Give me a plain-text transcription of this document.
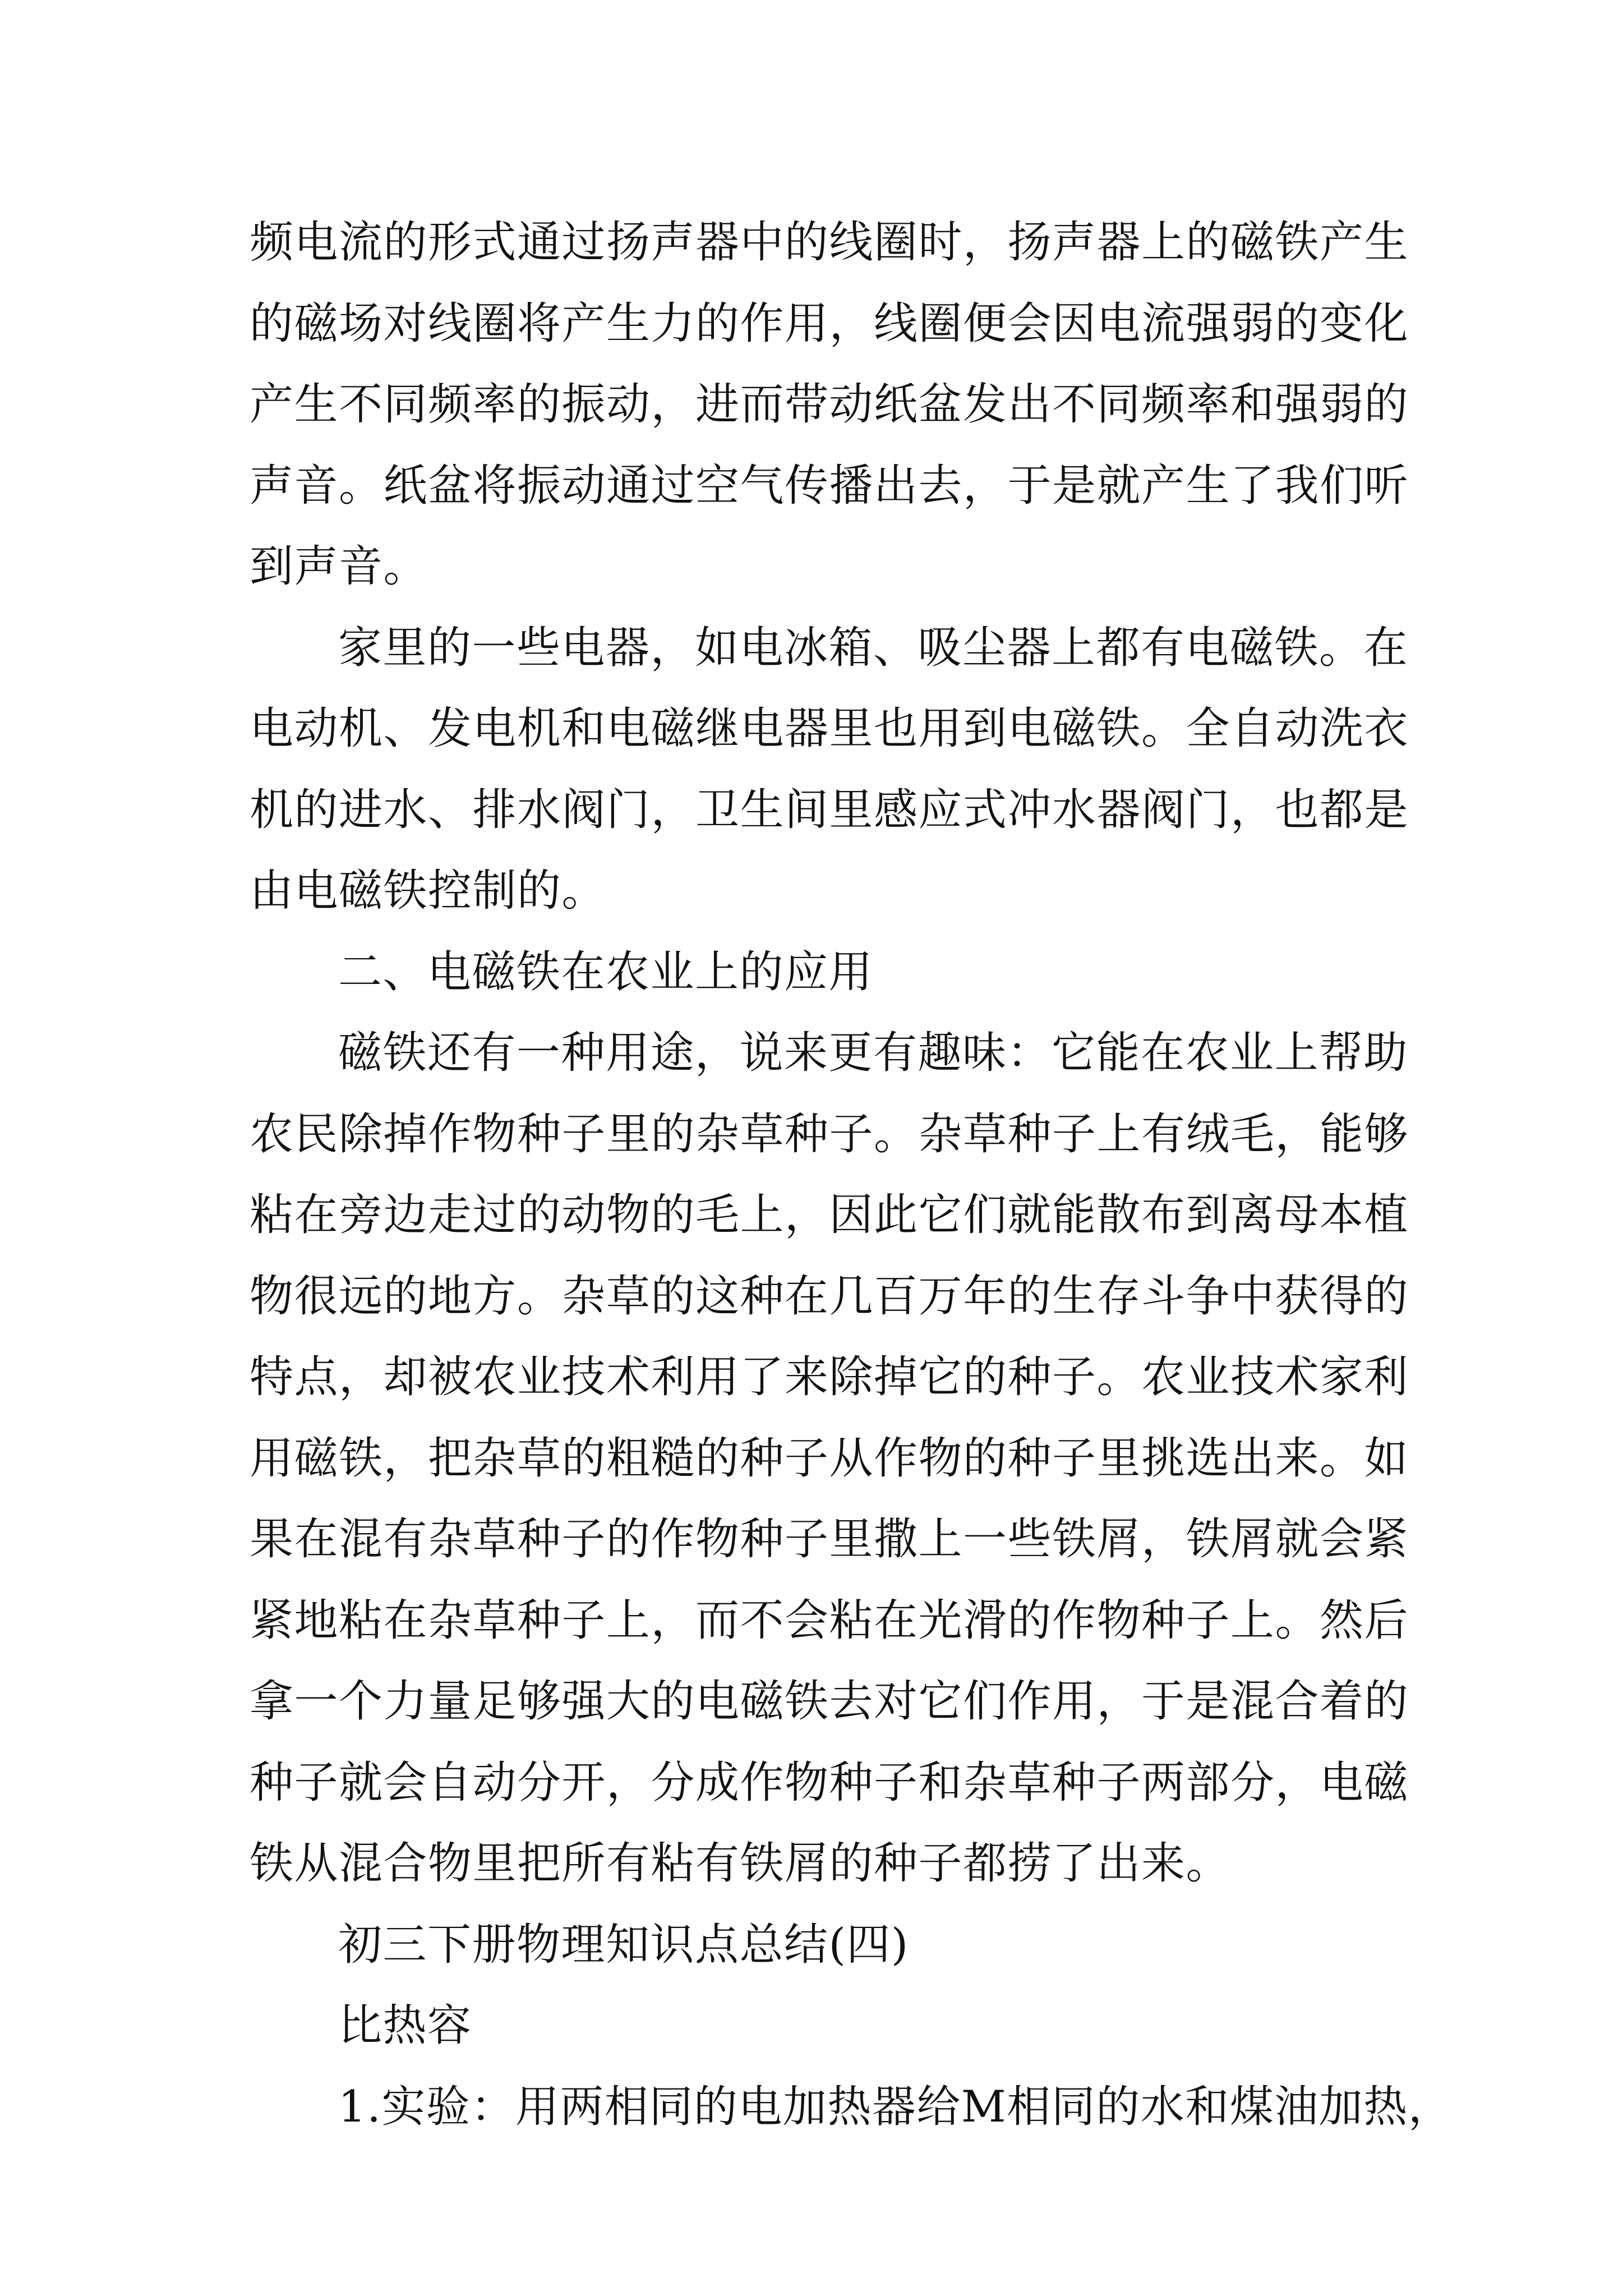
频电流的形式通过扬声器中的线圈时，扬声器上的磁铁产生
的磁场对线圈将产生力的作用，线圈便会因电流强弱的变化
产生不同频率的振动，进而带动纸盆发出不同频率和强弱的
声音。纸盆将振动通过空气传播出去，于是就产生了我们听
到声音。
家里的一些电器，如电冰箱、吸尘器上都有电磁铁。在
电动机、发电机和电磁继电器里也用到电磁铁。全自动洗衣
机的进水、排水阀门，卫生间里感应式冲水器阀门，也都是
由电磁铁控制的。
二、电磁铁在农业上的应用
磁铁还有一种用途，说来更有趣味：它能在农业上帮助
农民除掉作物种子里的杂草种子。杂草种子上有绒毛，能够
粘在旁边走过的动物的毛上，因此它们就能散布到离母本植
物很远的地方。杂草的这种在几百万年的生存斗争中获得的
特点，却被农业技术利用了来除掉它的种子。农业技术家利
用磁铁，把杂草的粗糙的种子从作物的种子里挑选出来。如
果在混有杂草种子的作物种子里撒上一些铁屑，铁屑就会紧
紧地粘在杂草种子上，而不会粘在光滑的作物种子上。然后
拿一个力量足够强大的电磁铁去对它们作用，于是混合着的
种子就会自动分开，分成作物种子和杂草种子两部分，电磁
铁从混合物里把所有粘有铁屑的种子都捞了出来。
初三下册物理知识点总结(四)
比热容
1.实验：用两相同的电加热器给M相同的水和煤油加热，
